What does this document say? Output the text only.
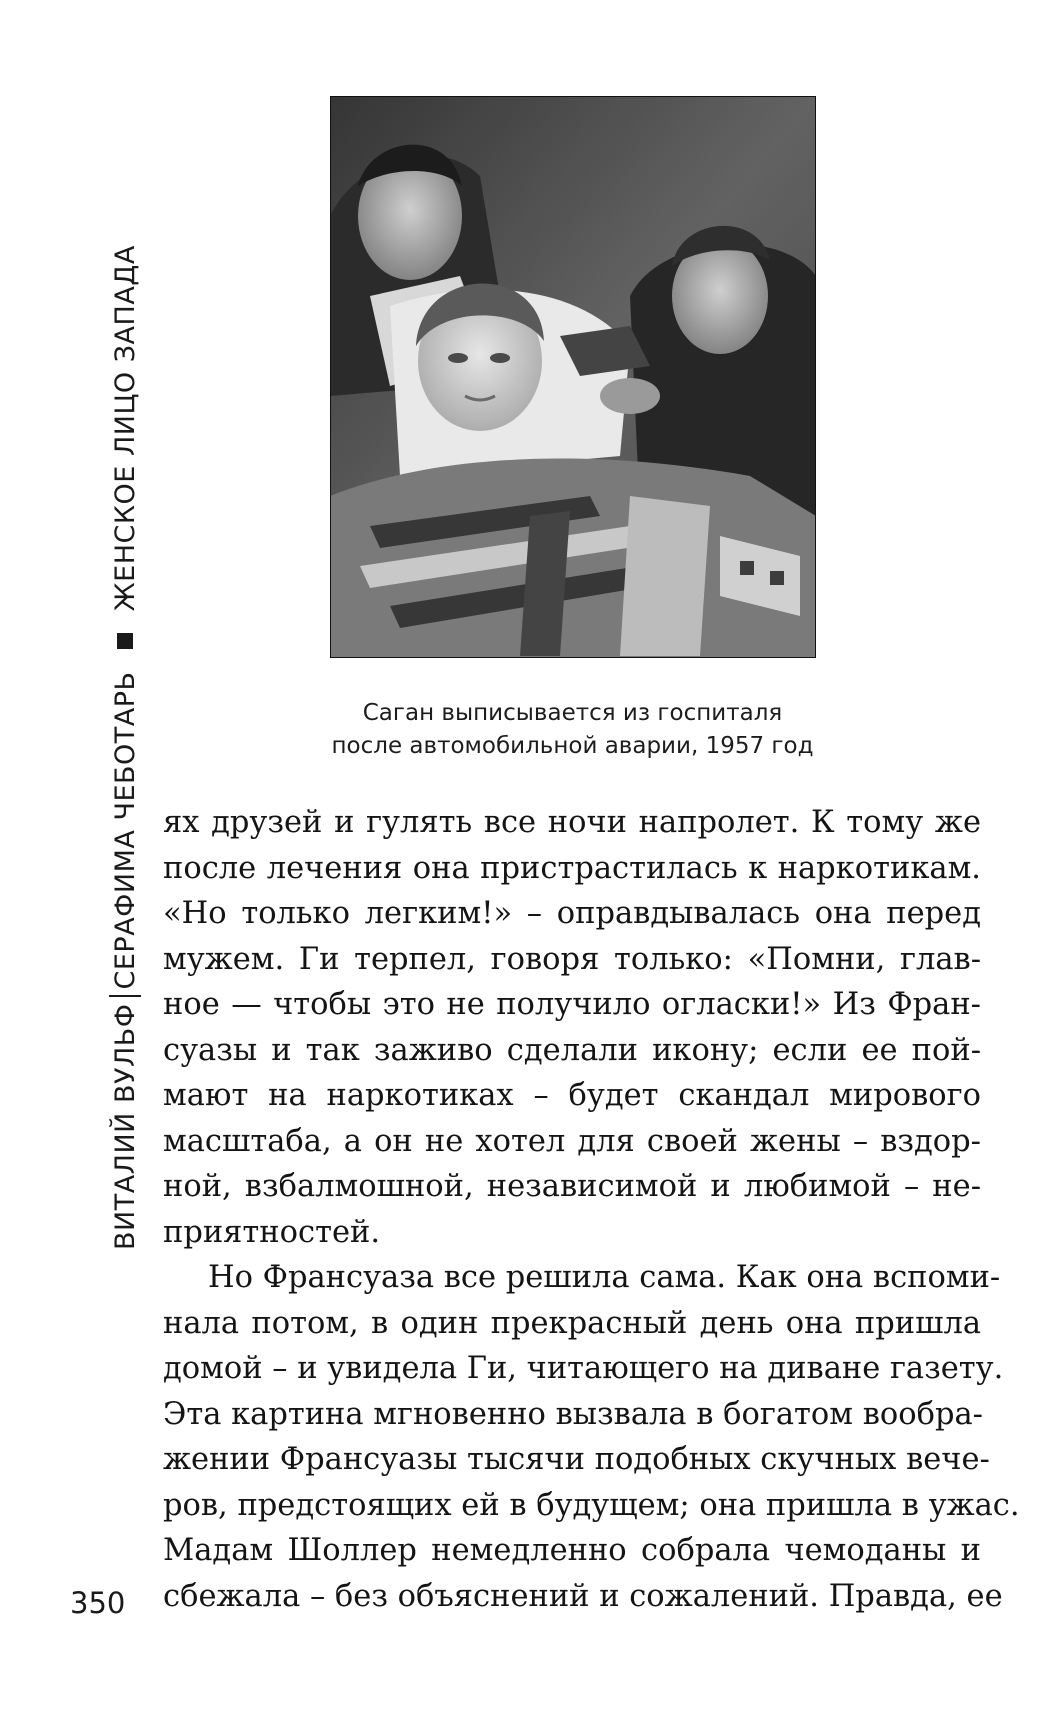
ВИТАЛИЙ ВУЛЬФ
СЕРАФИМА ЧЕБОТАРЬ
ЖЕНСКОЕ ЛИЦО ЗАПАДА
Саган выписывается из госпиталя
после автомобильной аварии, 1957 год
ях друзей и гулять все ночи напролет. К тому же
после лечения она пристрастилась к наркотикам.
«Но только легким!» – оправдывалась она перед
мужем. Ги терпел, говоря только: «Помни, глав-
ное — чтобы это не получило огласки!» Из Фран-
суазы и так заживо сделали икону; если ее пой-
мают на наркотиках – будет скандал мирового
масштаба, а он не хотел для своей жены – вздор-
ной, взбалмошной, независимой и любимой – не-
приятностей.
Но Франсуаза все решила сама. Как она вспоми-
нала потом, в один прекрасный день она пришла
домой – и увидела Ги, читающего на диване газету.
Эта картина мгновенно вызвала в богатом вообра-
жении Франсуазы тысячи подобных скучных вече-
ров, предстоящих ей в будущем; она пришла в ужас.
Мадам Шоллер немедленно собрала чемоданы и
сбежала – без объяснений и сожалений. Правда, ее
350
